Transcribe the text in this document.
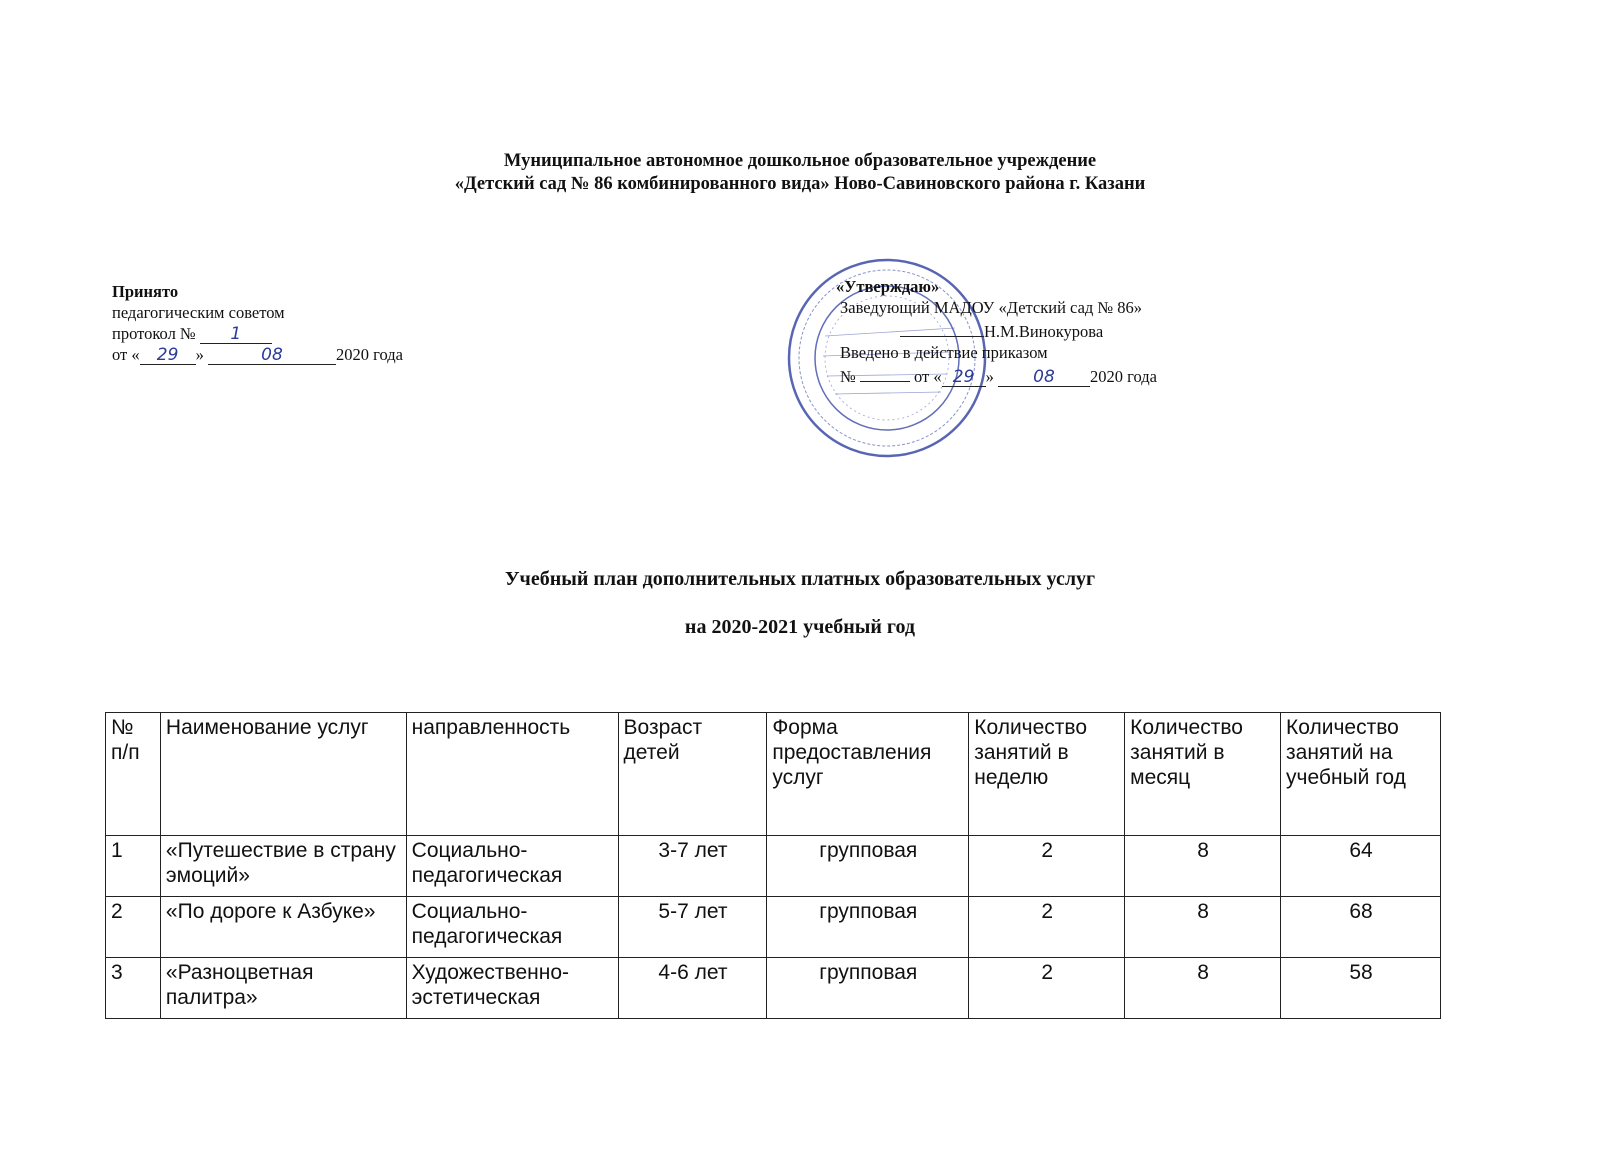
Муниципальное автономное дошкольное образовательное учреждение
«Детский сад № 86 комбинированного вида» Ново-Савиновского района г. Казани
Принято
педагогическим советом
протокол № 1
от « 29 »	08	2020 года
«Утверждаю»
Заведующий МАДОУ «Детский сад № 86»
Н.М.Винокурова
Введено в действие приказом
№	от « 29 » 08 2020 года
Учебный план дополнительных платных образовательных услуг
на 2020-2021 учебный год
№ п/п	Наименование услуг	направленность	Возраст детей	Форма предоставления услуг	Количество занятий в неделю	Количество занятий в месяц	Количество занятий на учебный год
1	«Путешествие в страну эмоций»	Социально-педагогическая	3-7 лет	групповая	2	8	64
2	«По дороге к Азбуке»	Социально-педагогическая	5-7 лет	групповая	2	8	68
3	«Разноцветная палитра»	Художественно-эстетическая	4-6 лет	групповая	2	8	58
